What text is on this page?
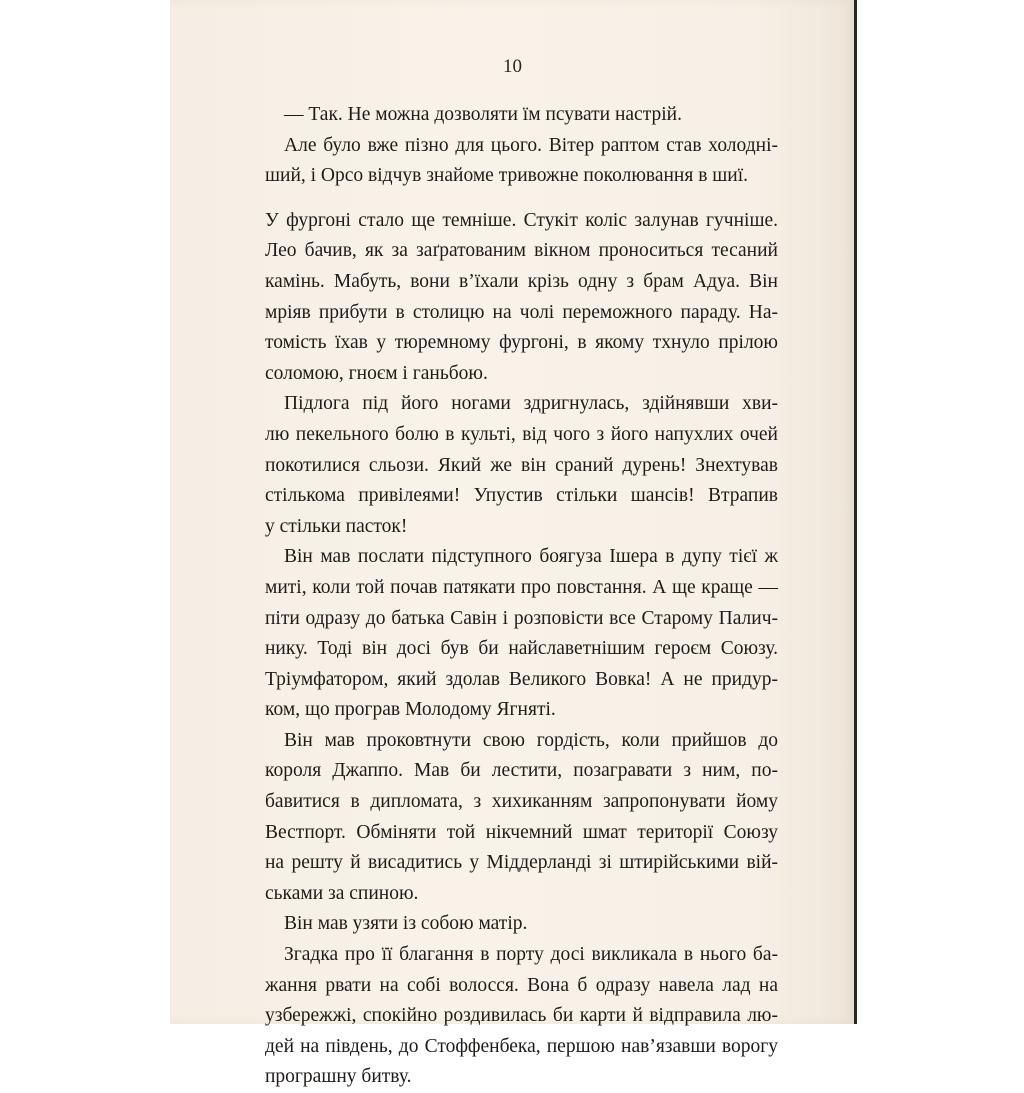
10
— Так. Не можна дозволяти їм псувати настрій.
Але було вже пізно для цього. Вітер раптом став холодні-
ший, і Орсо відчув знайоме тривожне поколювання в шиї.
У фургоні стало ще темніше. Стукіт коліс залунав гучніше.
Лео бачив, як за заґратованим вікном проноситься тесаний
камінь. Мабуть, вони в’їхали крізь одну з брам Адуа. Він
мріяв прибути в столицю на чолі переможного параду. На-
томість їхав у тюремному фургоні, в якому тхнуло прілою
соломою, гноєм і ганьбою.
Підлога під його ногами здригнулась, здійнявши хви-
лю пекельного болю в культі, від чого з його напухлих очей
покотилися сльози. Який же він сраний дурень! Знехтував
стількома привілеями! Упустив стільки шансів! Втрапив
у стільки пасток!
Він мав послати підступного боягуза Ішера в дупу тієї ж
миті, коли той почав патякати про повстання. А ще краще —
піти одразу до батька Савін і розповісти все Старому Палич-
нику. Тоді він досі був би найславетнішим героєм Союзу.
Тріумфатором, який здолав Великого Вовка! А не придур-
ком, що програв Молодому Ягняті.
Він мав проковтнути свою гордість, коли прийшов до
короля Джаппо. Мав би лестити, позагравати з ним, по-
бавитися в дипломата, з хихиканням запропонувати йому
Вестпорт. Обміняти той нікчемний шмат території Союзу
на решту й висадитись у Міддерланді зі штирійськими вій-
ськами за спиною.
Він мав узяти із собою матір.
Згадка про її благання в порту досі викликала в нього ба-
жання рвати на собі волосся. Вона б одразу навела лад на
узбережжі, спокійно роздивилась би карти й відправила лю-
дей на південь, до Стоффенбека, першою нав’язавши ворогу
програшну битву.
